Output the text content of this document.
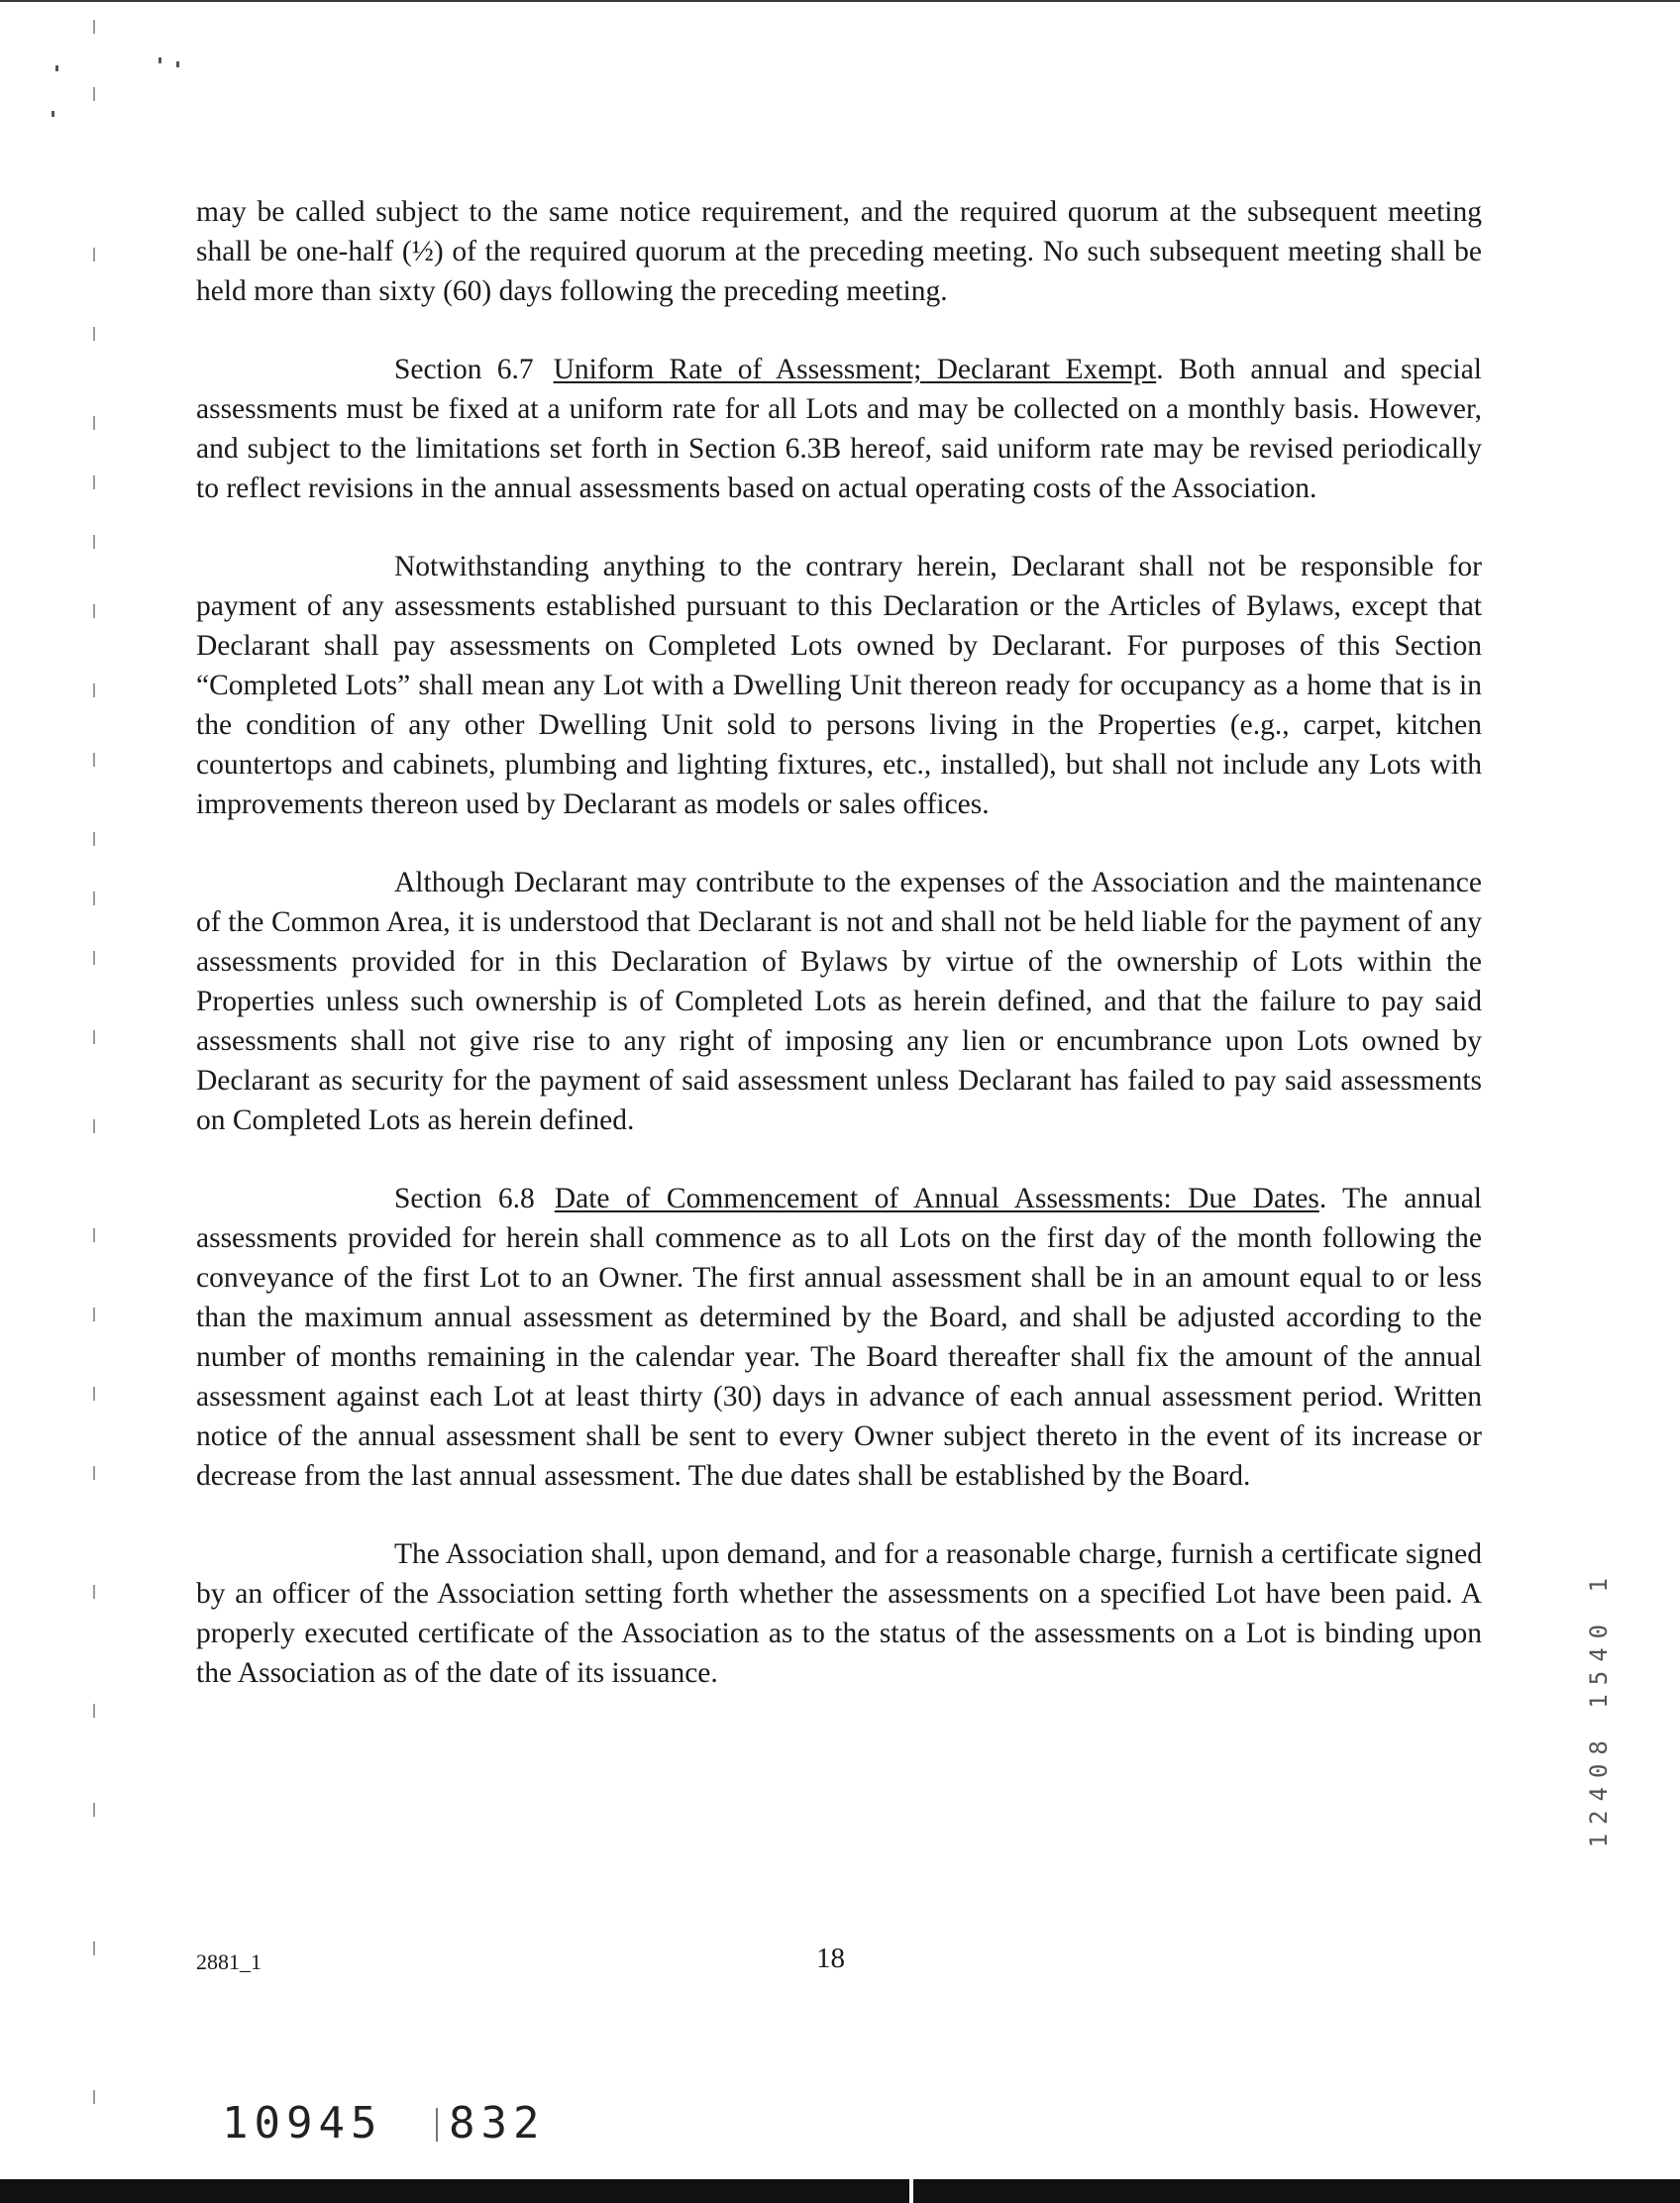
may be called subject to the same notice requirement, and the required quorum at the subsequent meeting shall be one-half (½) of the required quorum at the preceding meeting. No such subsequent meeting shall be held more than sixty (60) days following the preceding meeting.

Section 6.7 Uniform Rate of Assessment; Declarant Exempt. Both annual and special assessments must be fixed at a uniform rate for all Lots and may be collected on a monthly basis. However, and subject to the limitations set forth in Section 6.3B hereof, said uniform rate may be revised periodically to reflect revisions in the annual assessments based on actual operating costs of the Association.

Notwithstanding anything to the contrary herein, Declarant shall not be responsible for payment of any assessments established pursuant to this Declaration or the Articles of Bylaws, except that Declarant shall pay assessments on Completed Lots owned by Declarant. For purposes of this Section “Completed Lots” shall mean any Lot with a Dwelling Unit thereon ready for occupancy as a home that is in the condition of any other Dwelling Unit sold to persons living in the Properties (e.g., carpet, kitchen countertops and cabinets, plumbing and lighting fixtures, etc., installed), but shall not include any Lots with improvements thereon used by Declarant as models or sales offices.

Although Declarant may contribute to the expenses of the Association and the maintenance of the Common Area, it is understood that Declarant is not and shall not be held liable for the payment of any assessments provided for in this Declaration of Bylaws by virtue of the ownership of Lots within the Properties unless such ownership is of Completed Lots as herein defined, and that the failure to pay said assessments shall not give rise to any right of imposing any lien or encumbrance upon Lots owned by Declarant as security for the payment of said assessment unless Declarant has failed to pay said assessments on Completed Lots as herein defined.

Section 6.8 Date of Commencement of Annual Assessments: Due Dates. The annual assessments provided for herein shall commence as to all Lots on the first day of the month following the conveyance of the first Lot to an Owner. The first annual assessment shall be in an amount equal to or less than the maximum annual assessment as determined by the Board, and shall be adjusted according to the number of months remaining in the calendar year. The Board thereafter shall fix the amount of the annual assessment against each Lot at least thirty (30) days in advance of each annual assessment period. Written notice of the annual assessment shall be sent to every Owner subject thereto in the event of its increase or decrease from the last annual assessment. The due dates shall be established by the Board.

The Association shall, upon demand, and for a reasonable charge, furnish a certificate signed by an officer of the Association setting forth whether the assessments on a specified Lot have been paid. A properly executed certificate of the Association as to the status of the assessments on a Lot is binding upon the Association as of the date of its issuance.

2881_1	18
12408 1540 1
10945 832
